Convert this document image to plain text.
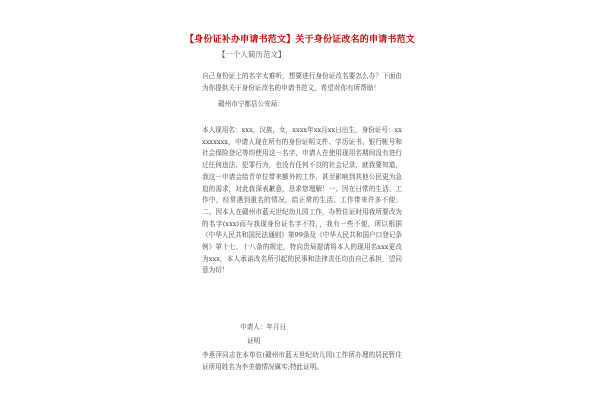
【身份证补办申请书范文】关于身份证改名的申请书范文
【一个人简历范文】
自己身份证上的名字太难听，想要进行身份证改名要怎么办？下面由为你提供关于身份证改名的申请书范文，希望对你有所帮助！
赣州市宁都县公安局：
本人现用名：xxx，汉族，女，xxxx年xx月xx日出生，身份证号：xxxxxxxxx，申请人现在所有的身份证明文件、学历证书、银行帐号和社会保险登记等均使用这一名字，申请人在使用现用名期间没有进行过任何违法、犯罪行为，也没有任何不良的社会记录，就我要知道，我这一申请会给青单位带来额外的工作，甚至影响到其他公民更为急迫的需求，对此我深表歉意，恳求您理解！一、因在日常的生活、工作中，经常遇到重名的情况，给正常的生活、工作带来许多不便；二、因本人在赣州市蓝天世纪幼儿园工作，办暂住证时用我所要改为的名字(xxx)而与我现身份证名字不符，，我有一些不便，所以根据《中华人民共和国民法通则》第99条及《中华人民共和国户口登记条例》第十七、十八条的规定，特向贵局提请将本人的现用名xxx更改为xxx，本人承诺改名所引起的民事和法律责任均由自己承担，望同意为切！
申请人：年月日
证明
李燕萍同志在本单位(赣州市蓝天世纪幼儿园)工作所办理的居民暂住证所用姓名为李美德情况属实;特此证明。
